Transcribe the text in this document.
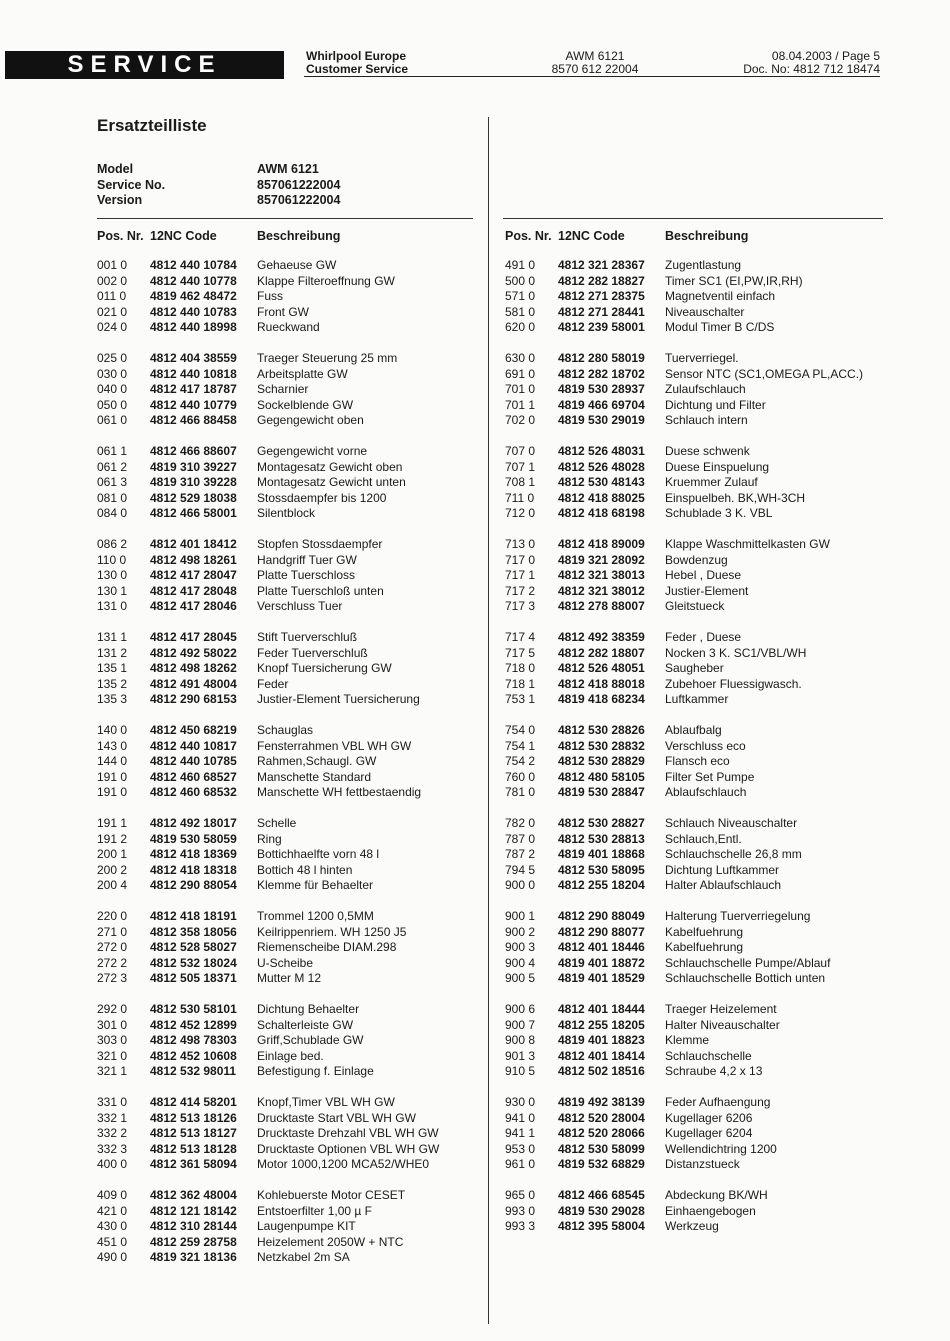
SERVICE	Whirlpool Europe
Customer Service
AWM 6121
8570 612 22004
08.04.2003 / Page 5
Doc. No: 4812 712 18474
Ersatzteilliste
Model	AWM 6121
Service No.	857061222004
Version	857061222004
Pos. Nr. 12NC Code	Beschreibung	Pos. Nr. 12NC Code	Beschreibung
001 0	4812 440 10784	Gehaeuse GW
002 0	4812 440 10778	Klappe Filteroeffnung GW
011 0	4819 462 48472	Fuss
021 0	4812 440 10783	Front GW
024 0	4812 440 18998	Rueckwand
025 0	4812 404 38559	Traeger Steuerung 25 mm
030 0	4812 440 10818	Arbeitsplatte GW
040 0	4812 417 18787	Scharnier
050 0	4812 440 10779	Sockelblende GW
061 0	4812 466 88458	Gegengewicht oben
061 1	4812 466 88607	Gegengewicht vorne
061 2	4819 310 39227	Montagesatz Gewicht oben
061 3	4819 310 39228	Montagesatz Gewicht unten
081 0	4812 529 18038	Stossdaempfer bis 1200
084 0	4812 466 58001	Silentblock
086 2	4812 401 18412	Stopfen Stossdaempfer
110 0	4812 498 18261	Handgriff Tuer GW
130 0	4812 417 28047	Platte Tuerschloss
130 1	4812 417 28048	Platte Tuerschloß unten
131 0	4812 417 28046	Verschluss Tuer
131 1	4812 417 28045	Stift Tuerverschluß
131 2	4812 492 58022	Feder Tuerverschluß
135 1	4812 498 18262	Knopf Tuersicherung GW
135 2	4812 491 48004	Feder
135 3	4812 290 68153	Justier-Element Tuersicherung
140 0	4812 450 68219	Schauglas
143 0	4812 440 10817	Fensterrahmen VBL WH GW
144 0	4812 440 10785	Rahmen,Schaugl. GW
191 0	4812 460 68527	Manschette Standard
191 0	4812 460 68532	Manschette WH fettbestaendig
191 1	4812 492 18017	Schelle
191 2	4819 530 58059	Ring
200 1	4812 418 18369	Bottichhaelfte vorn 48 l
200 2	4812 418 18318	Bottich 48 l hinten
200 4	4812 290 88054	Klemme für Behaelter
220 0	4812 418 18191	Trommel 1200 0,5MM
271 0	4812 358 18056	Keilrippenriem. WH 1250 J5
272 0	4812 528 58027	Riemenscheibe DIAM.298
272 2	4812 532 18024	U-Scheibe
272 3	4812 505 18371	Mutter M 12
292 0	4812 530 58101	Dichtung Behaelter
301 0	4812 452 12899	Schalterleiste GW
303 0	4812 498 78303	Griff,Schublade GW
321 0	4812 452 10608	Einlage bed.
321 1	4812 532 98011	Befestigung f. Einlage
331 0	4812 414 58201	Knopf,Timer VBL WH GW
332 1	4812 513 18126	Drucktaste Start VBL WH GW
332 2	4812 513 18127	Drucktaste Drehzahl VBL WH GW
332 3	4812 513 18128	Drucktaste Optionen VBL WH GW
400 0	4812 361 58094	Motor 1000,1200 MCA52/WHE0
409 0	4812 362 48004	Kohlebuerste Motor CESET
421 0	4812 121 18142	Entstoerfilter 1,00 µ F
430 0	4812 310 28144	Laugenpumpe KIT
451 0	4812 259 28758	Heizelement 2050W + NTC
490 0	4819 321 18136	Netzkabel 2m SA
491 0	4812 321 28367	Zugentlastung
500 0	4812 282 18827	Timer SC1 (EI,PW,IR,RH)
571 0	4812 271 28375	Magnetventil einfach
581 0	4812 271 28441	Niveauschalter
620 0	4812 239 58001	Modul Timer B C/DS
630 0	4812 280 58019	Tuerverriegel.
691 0	4812 282 18702	Sensor NTC (SC1,OMEGA PL,ACC.)
701 0	4819 530 28937	Zulaufschlauch
701 1	4819 466 69704	Dichtung und Filter
702 0	4819 530 29019	Schlauch intern
707 0	4812 526 48031	Duese schwenk
707 1	4812 526 48028	Duese Einspuelung
708 1	4812 530 48143	Kruemmer Zulauf
711 0	4812 418 88025	Einspuelbeh. BK,WH-3CH
712 0	4812 418 68198	Schublade 3 K. VBL
713 0	4812 418 89009	Klappe Waschmittelkasten GW
717 0	4819 321 28092	Bowdenzug
717 1	4812 321 38013	Hebel , Duese
717 2	4812 321 38012	Justier-Element
717 3	4812 278 88007	Gleitstueck
717 4	4812 492 38359	Feder , Duese
717 5	4812 282 18807	Nocken 3 K. SC1/VBL/WH
718 0	4812 526 48051	Saugheber
718 1	4812 418 88018	Zubehoer Fluessigwasch.
753 1	4819 418 68234	Luftkammer
754 0	4812 530 28826	Ablaufbalg
754 1	4812 530 28832	Verschluss eco
754 2	4812 530 28829	Flansch eco
760 0	4812 480 58105	Filter Set Pumpe
781 0	4819 530 28847	Ablaufschlauch
782 0	4812 530 28827	Schlauch Niveauschalter
787 0	4812 530 28813	Schlauch,Entl.
787 2	4819 401 18868	Schlauchschelle 26,8 mm
794 5	4812 530 58095	Dichtung Luftkammer
900 0	4812 255 18204	Halter Ablaufschlauch
900 1	4812 290 88049	Halterung Tuerverriegelung
900 2	4812 290 88077	Kabelfuehrung
900 3	4812 401 18446	Kabelfuehrung
900 4	4819 401 18872	Schlauchschelle Pumpe/Ablauf
900 5	4819 401 18529	Schlauchschelle Bottich unten
900 6	4812 401 18444	Traeger Heizelement
900 7	4812 255 18205	Halter Niveauschalter
900 8	4819 401 18823	Klemme
901 3	4812 401 18414	Schlauchschelle
910 5	4812 502 18516	Schraube 4,2 x 13
930 0	4819 492 38139	Feder Aufhaengung
941 0	4812 520 28004	Kugellager 6206
941 1	4812 520 28066	Kugellager 6204
953 0	4812 530 58099	Wellendichtring 1200
961 0	4819 532 68829	Distanzstueck
965 0	4812 466 68545	Abdeckung BK/WH
993 0	4819 530 29028	Einhaengebogen
993 3	4812 395 58004	Werkzeug
